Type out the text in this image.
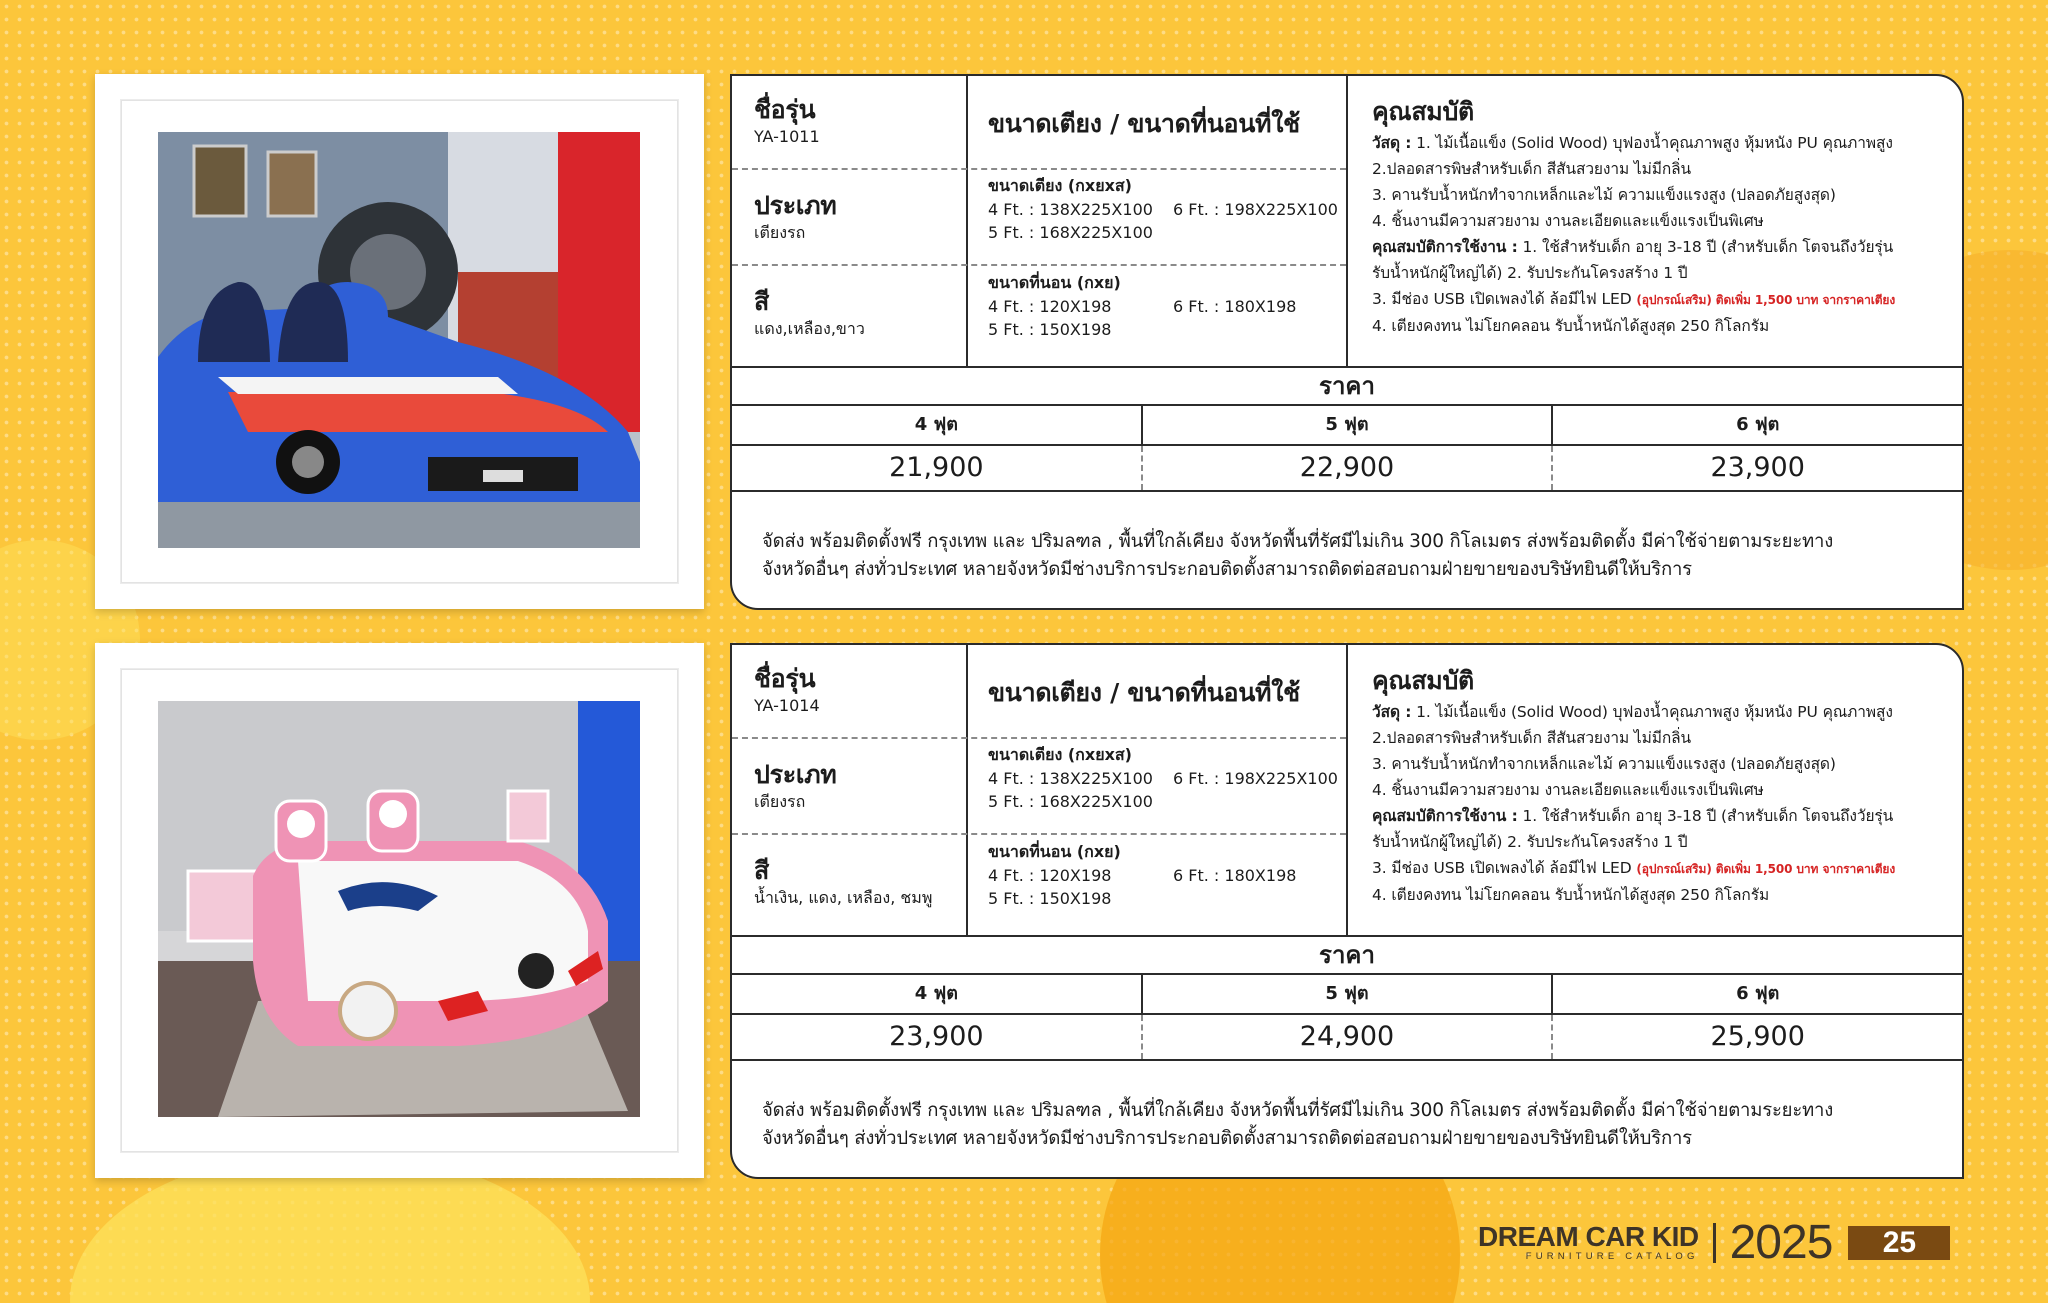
ชื่อรุ่น
YA-1011
ประเภท
เตียงรถ
สี
แดง,เหลือง,ขาว
ขนาดเตียง / ขนาดที่นอนที่ใช้
ขนาดเตียง (กxยxส)
4 Ft. : 138X225X100	6 Ft. : 198X225X100
5 Ft. : 168X225X100
ขนาดที่นอน (กxย)
4 Ft. : 120X198	6 Ft. : 180X198
5 Ft. : 150X198
คุณสมบัติ
วัสดุ : 1. ไม้เนื้อแข็ง (Solid Wood) บุฟองน้ำคุณภาพสูง หุ้มหนัง PU คุณภาพสูง
2.ปลอดสารพิษสำหรับเด็ก สีสันสวยงาม ไม่มีกลิ่น
3. คานรับน้ำหนักทำจากเหล็กและไม้ ความแข็งแรงสูง (ปลอดภัยสูงสุด)
4. ชิ้นงานมีความสวยงาม งานละเอียดและแข็งแรงเป็นพิเศษ
คุณสมบัติการใช้งาน : 1. ใช้สำหรับเด็ก อายุ 3-18 ปี (สำหรับเด็ก โตจนถึงวัยรุ่น
รับน้ำหนักผู้ใหญ่ได้) 2. รับประกันโครงสร้าง 1 ปี
3. มีช่อง USB เปิดเพลงได้ ล้อมีไฟ LED (อุปกรณ์เสริม) ติดเพิ่ม 1,500 บาท จากราคาเตียง
4. เตียงคงทน ไม่โยกคลอน รับน้ำหนักได้สูงสุด 250 กิโลกรัม
ราคา
4 ฟุต	5 ฟุต	6 ฟุต
21,900	22,900	23,900
จัดส่ง พร้อมติดตั้งฟรี กรุงเทพ และ ปริมลฑล , พื้นที่ใกล้เคียง จังหวัดพื้นที่รัศมีไม่เกิน 300 กิโลเมตร ส่งพร้อมติดตั้ง มีค่าใช้จ่ายตามระยะทาง
จังหวัดอื่นๆ ส่งทั่วประเทศ หลายจังหวัดมีช่างบริการประกอบติดตั้งสามารถติดต่อสอบถามฝ่ายขายของบริษัทยินดีให้บริการ
ชื่อรุ่น
YA-1014
ประเภท
เตียงรถ
สี
น้ำเงิน, แดง, เหลือง, ชมพู
ขนาดเตียง / ขนาดที่นอนที่ใช้
ขนาดเตียง (กxยxส)
4 Ft. : 138X225X100	6 Ft. : 198X225X100
5 Ft. : 168X225X100
ขนาดที่นอน (กxย)
4 Ft. : 120X198	6 Ft. : 180X198
5 Ft. : 150X198
คุณสมบัติ
วัสดุ : 1. ไม้เนื้อแข็ง (Solid Wood) บุฟองน้ำคุณภาพสูง หุ้มหนัง PU คุณภาพสูง
2.ปลอดสารพิษสำหรับเด็ก สีสันสวยงาม ไม่มีกลิ่น
3. คานรับน้ำหนักทำจากเหล็กและไม้ ความแข็งแรงสูง (ปลอดภัยสูงสุด)
4. ชิ้นงานมีความสวยงาม งานละเอียดและแข็งแรงเป็นพิเศษ
คุณสมบัติการใช้งาน : 1. ใช้สำหรับเด็ก อายุ 3-18 ปี (สำหรับเด็ก โตจนถึงวัยรุ่น
รับน้ำหนักผู้ใหญ่ได้) 2. รับประกันโครงสร้าง 1 ปี
3. มีช่อง USB เปิดเพลงได้ ล้อมีไฟ LED (อุปกรณ์เสริม) ติดเพิ่ม 1,500 บาท จากราคาเตียง
4. เตียงคงทน ไม่โยกคลอน รับน้ำหนักได้สูงสุด 250 กิโลกรัม
ราคา
4 ฟุต	5 ฟุต	6 ฟุต
23,900	24,900	25,900
จัดส่ง พร้อมติดตั้งฟรี กรุงเทพ และ ปริมลฑล , พื้นที่ใกล้เคียง จังหวัดพื้นที่รัศมีไม่เกิน 300 กิโลเมตร ส่งพร้อมติดตั้ง มีค่าใช้จ่ายตามระยะทาง
จังหวัดอื่นๆ ส่งทั่วประเทศ หลายจังหวัดมีช่างบริการประกอบติดตั้งสามารถติดต่อสอบถามฝ่ายขายของบริษัทยินดีให้บริการ
DREAM CAR KID
FURNITURE CATALOG 2025	25
